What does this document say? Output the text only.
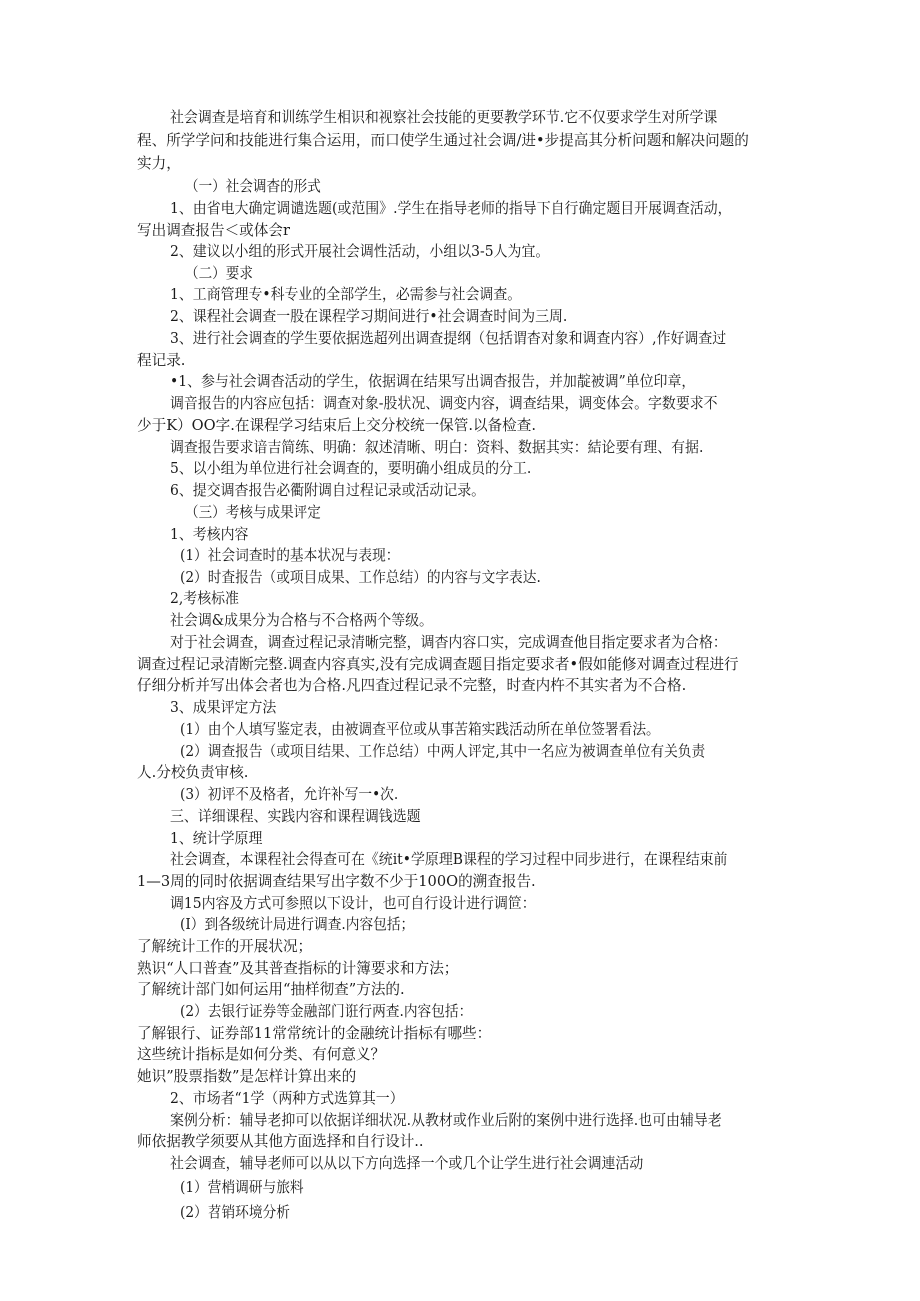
社会调查是培育和训练学生相识和视察社会技能的更要教学环节.它不仅要求学生对所学课
程、所学学问和技能进行集合运用，而口使学生通过社会调/进•步提高其分析问题和解决问题的
实力，
（一）社会调杳的形式
1、由省电大确定调谴选题(或范围》.学生在指导老师的指导下自行确定题目开展调查活动，
写出调查报告＜或体会r
2、建议以小组的形式开展社会调性活动，小组以3-5人为宜。
（二）要求
1、工商管理专•科专业的全部学生，必需参与社会调查。
2、课程社会调查一股在课程学习期间进行•社会调查时间为三周.
3、进行社会调查的学生要依据选超列出调查提纲（包括谓杳对象和调查内容）,作好调查过
程记录.
•1、参与社会调杳活动的学生，依据调在结果写出调杳报告，并加靛被调”单位印章，
调音报告的内容应包括：调查对象-股状况、调变内容，调查结果，调变体会。字数要求不
少于K）OO字.在课程学习结束后上交分校统一保管.以备检查.
调查报告要求谙吉简练、明确：叙述清晰、明白：资料、数据其实：結论要有理、有据.
5、以小组为单位进行社会调查的，要明确小组成员的分工.
6、提交调杳报告必衢附调自过程记录或活动记录。
（三）考核与成果评定
1、考核内容
(1）社会词查时的基本状况与表现：
(2）时査报告（或项目成果、工作总结）的内容与文字表达.
2,考核标准
社会调&成果分为合格与不合格两个等级。
对于社会调查，调查过程记录清晰完整，调杳内容口实，完成调查他目指定要求者为合格：
调查过程记录清断完整.调查内容真实,没有完成调查题目指定要求者•假如能修对调查过程进行
仔细分析并写出体会者也为合格.凡四査过程记录不完整，时查内杵不其实者为不合格.
3、成果评定方法
(1）由个人填写鉴定表，由被调查平位或从事苦箱实践活动所在单位签署看法。
(2）调查报告（或项目结果、工作总结）中两人评定,其中一名应为被调查单位有关负责
人.分校负责审核.
(3）初评不及格者，允许补写一•次.
三、详细课程、实践内容和课程调钱选题
1、统计学原理
社会调查，本课程社会得查可在《统it•学原理B课程的学习过程中同步进行，在课程结束前
1—3周的同时依据调查结果写出字数不少于100O的溯査报告.
调15内容及方式可参照以下设计，也可自行设计进行调笸：
(I）到各级统计局进行调查.内容包括；
了解统计工作的开展状况；
熟识“人口普查”及其普查指标的计簿要求和方法；
了解统计部门如何运用“抽样彻查”方法的.
(2）去银行证券等金融部门诳行两查.内容包括：
了解银行、证券部11常常统计的金融统计指标有哪些：
这些统计指标是如何分类、有何意义？
她识”股票指数”是怎样计算出来的
2、市场者“1学（两种方式选算其一）
案例分析：辅导老抑可以依据详细状况.从教材或作业后附的案例中进行选择.也可由辅导老
师依据教学须要从其他方面选择和自行设计..
社会调查，辅导老师可以从以下方向选择一个或几个让学生进行社会调連活动
(1）营梢调研与旅料
(2）苕销环境分析
